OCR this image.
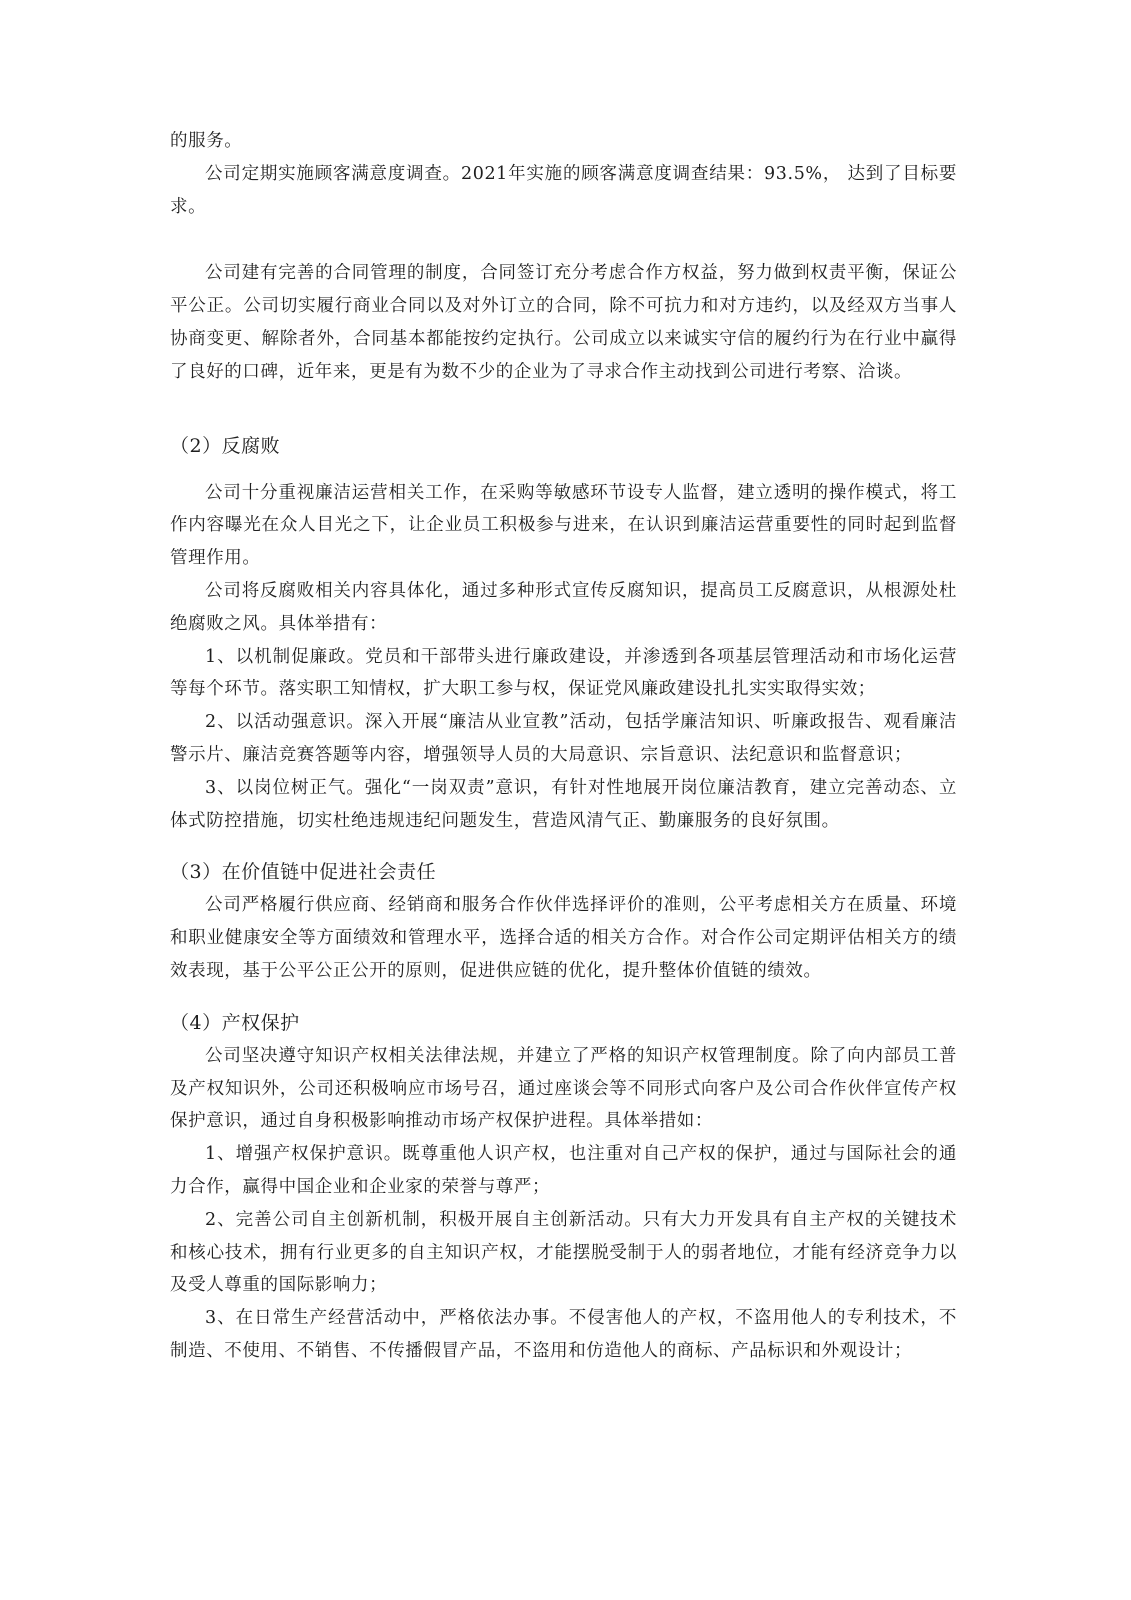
的服务。

公司定期实施顾客满意度调查。2021年实施的顾客满意度调查结果：93.5%， 达到了目标要求。

公司建有完善的合同管理的制度，合同签订充分考虑合作方权益，努力做到权责平衡，保证公平公正。公司切实履行商业合同以及对外订立的合同，除不可抗力和对方违约，以及经双方当事人协商变更、解除者外，合同基本都能按约定执行。公司成立以来诚实守信的履约行为在行业中赢得了良好的口碑，近年来，更是有为数不少的企业为了寻求合作主动找到公司进行考察、洽谈。

（2）反腐败

公司十分重视廉洁运营相关工作，在采购等敏感环节设专人监督，建立透明的操作模式，将工作内容曝光在众人目光之下，让企业员工积极参与进来，在认识到廉洁运营重要性的同时起到监督管理作用。

公司将反腐败相关内容具体化，通过多种形式宣传反腐知识，提高员工反腐意识，从根源处杜绝腐败之风。具体举措有：

1、以机制促廉政。党员和干部带头进行廉政建设，并渗透到各项基层管理活动和市场化运营等每个环节。落实职工知情权，扩大职工参与权，保证党风廉政建设扎扎实实取得实效；

2、以活动强意识。深入开展“廉洁从业宣教”活动，包括学廉洁知识、听廉政报告、观看廉洁警示片、廉洁竞赛答题等内容，增强领导人员的大局意识、宗旨意识、法纪意识和监督意识；

3、以岗位树正气。强化“一岗双责”意识，有针对性地展开岗位廉洁教育，建立完善动态、立体式防控措施，切实杜绝违规违纪问题发生，营造风清气正、勤廉服务的良好氛围。

（3）在价值链中促进社会责任

公司严格履行供应商、经销商和服务合作伙伴选择评价的准则，公平考虑相关方在质量、环境和职业健康安全等方面绩效和管理水平，选择合适的相关方合作。对合作公司定期评估相关方的绩效表现，基于公平公正公开的原则，促进供应链的优化，提升整体价值链的绩效。

（4）产权保护

公司坚决遵守知识产权相关法律法规，并建立了严格的知识产权管理制度。除了向内部员工普及产权知识外，公司还积极响应市场号召，通过座谈会等不同形式向客户及公司合作伙伴宣传产权保护意识，通过自身积极影响推动市场产权保护进程。具体举措如：

1、增强产权保护意识。既尊重他人识产权，也注重对自己产权的保护，通过与国际社会的通力合作，赢得中国企业和企业家的荣誉与尊严；

2、完善公司自主创新机制，积极开展自主创新活动。只有大力开发具有自主产权的关键技术和核心技术，拥有行业更多的自主知识产权，才能摆脱受制于人的弱者地位，才能有经济竞争力以及受人尊重的国际影响力；

3、在日常生产经营活动中，严格依法办事。不侵害他人的产权，不盗用他人的专利技术，不制造、不使用、不销售、不传播假冒产品，不盗用和仿造他人的商标、产品标识和外观设计；
